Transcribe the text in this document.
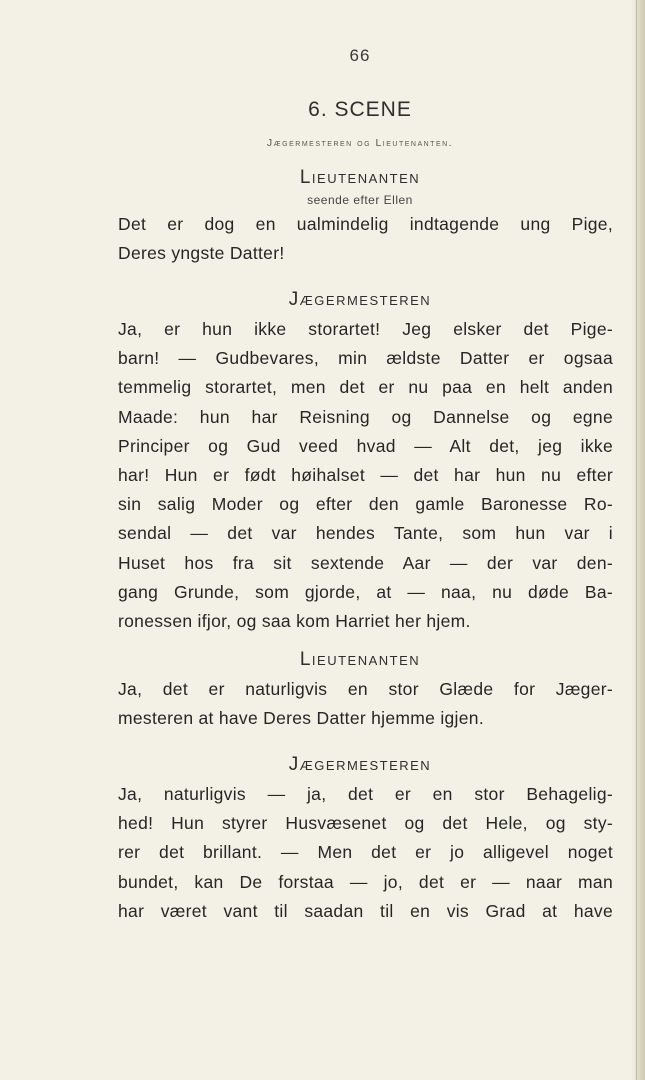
66
6. SCENE
Jægermesteren og Lieutenanten.
Lieutenanten
seende efter Ellen
Det er dog en ualmindelig indtagende ung Pige,
Deres yngste Datter!
Jægermesteren
Ja, er hun ikke storartet! Jeg elsker det Pige-
barn! — Gudbevares, min ældste Datter er ogsaa
temmelig storartet, men det er nu paa en helt anden
Maade: hun har Reisning og Dannelse og egne
Principer og Gud veed hvad — Alt det, jeg ikke
har! Hun er født høihalset — det har hun nu efter
sin salig Moder og efter den gamle Baronesse Ro-
sendal — det var hendes Tante, som hun var i
Huset hos fra sit sextende Aar — der var den-
gang Grunde, som gjorde, at — naa, nu døde Ba-
ronessen ifjor, og saa kom Harriet her hjem.
Lieutenanten
Ja, det er naturligvis en stor Glæde for Jæger-
mesteren at have Deres Datter hjemme igjen.
Jægermesteren
Ja, naturligvis — ja, det er en stor Behagelig-
hed! Hun styrer Husvæsenet og det Hele, og sty-
rer det brillant. — Men det er jo alligevel noget
bundet, kan De forstaa — jo, det er — naar man
har været vant til saadan til en vis Grad at have
